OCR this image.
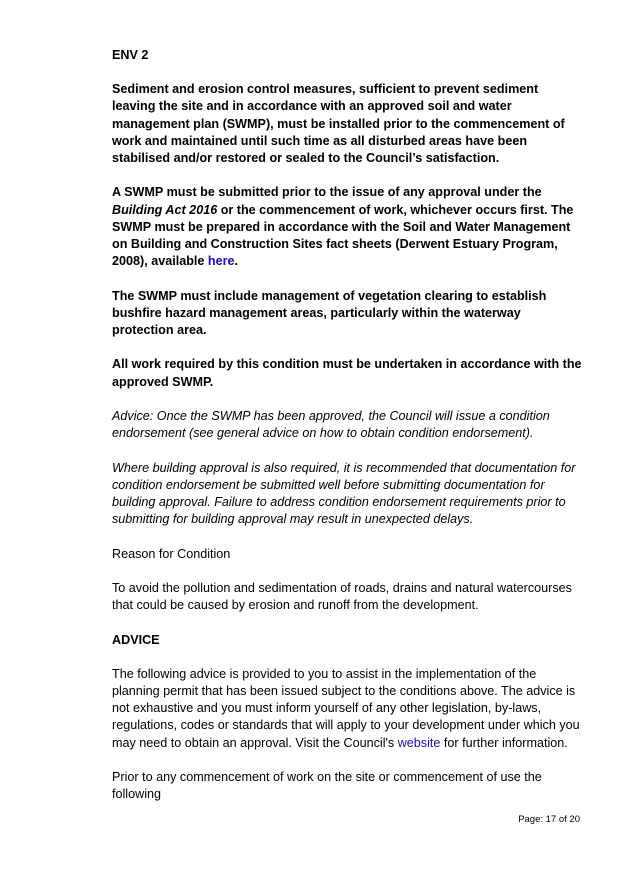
ENV 2

Sediment and erosion control measures, sufficient to prevent sediment leaving the site and in accordance with an approved soil and water management plan (SWMP), must be installed prior to the commencement of work and maintained until such time as all disturbed areas have been stabilised and/or restored or sealed to the Council’s satisfaction.

A SWMP must be submitted prior to the issue of any approval under the Building Act 2016 or the commencement of work, whichever occurs first. The SWMP must be prepared in accordance with the Soil and Water Management on Building and Construction Sites fact sheets (Derwent Estuary Program, 2008), available here.

The SWMP must include management of vegetation clearing to establish bushfire hazard management areas, particularly within the waterway protection area.

All work required by this condition must be undertaken in accordance with the approved SWMP.

Advice: Once the SWMP has been approved, the Council will issue a condition endorsement (see general advice on how to obtain condition endorsement).

Where building approval is also required, it is recommended that documentation for condition endorsement be submitted well before submitting documentation for building approval. Failure to address condition endorsement requirements prior to submitting for building approval may result in unexpected delays.

Reason for Condition

To avoid the pollution and sedimentation of roads, drains and natural watercourses that could be caused by erosion and runoff from the development.

ADVICE

The following advice is provided to you to assist in the implementation of the planning permit that has been issued subject to the conditions above. The advice is not exhaustive and you must inform yourself of any other legislation, by-laws, regulations, codes or standards that will apply to your development under which you may need to obtain an approval. Visit the Council's website for further information.

Prior to any commencement of work on the site or commencement of use the following

Page: 17 of 20
